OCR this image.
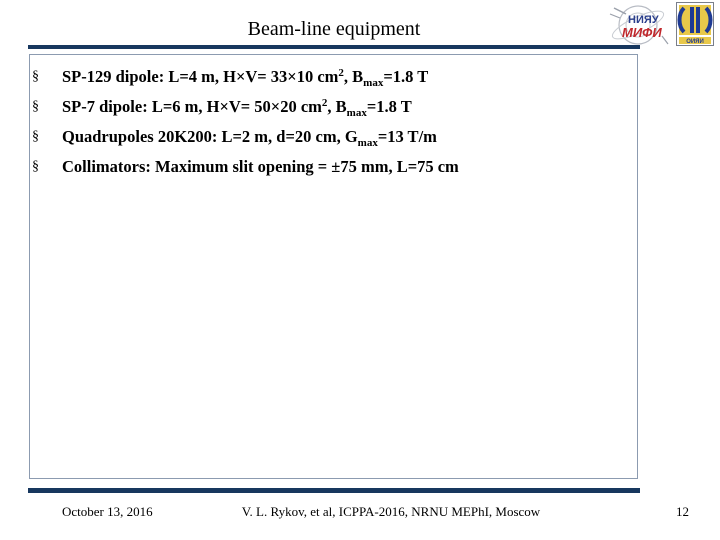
Beam-line equipment	НИЯУ
МИФИ
ОИЯИ
§ SP-129 dipole: L=4 m, H×V= 33×10 $cm^2$, $B_{max}=1.8$ T
§ SP-7 dipole: L=6 m, H×V= 50×20 $cm^2$, $B_{max}=1.8$ T
§ Quadrupoles 20K200: L=2 m, d=20 cm, $G_{max}=13$ T/m
§ Collimators: Maximum slit opening = ±75 mm, L=75 cm
October 13, 2016	V. L. Rykov, et al, ICPPA-2016, NRNU MEPhI, Moscow	12
